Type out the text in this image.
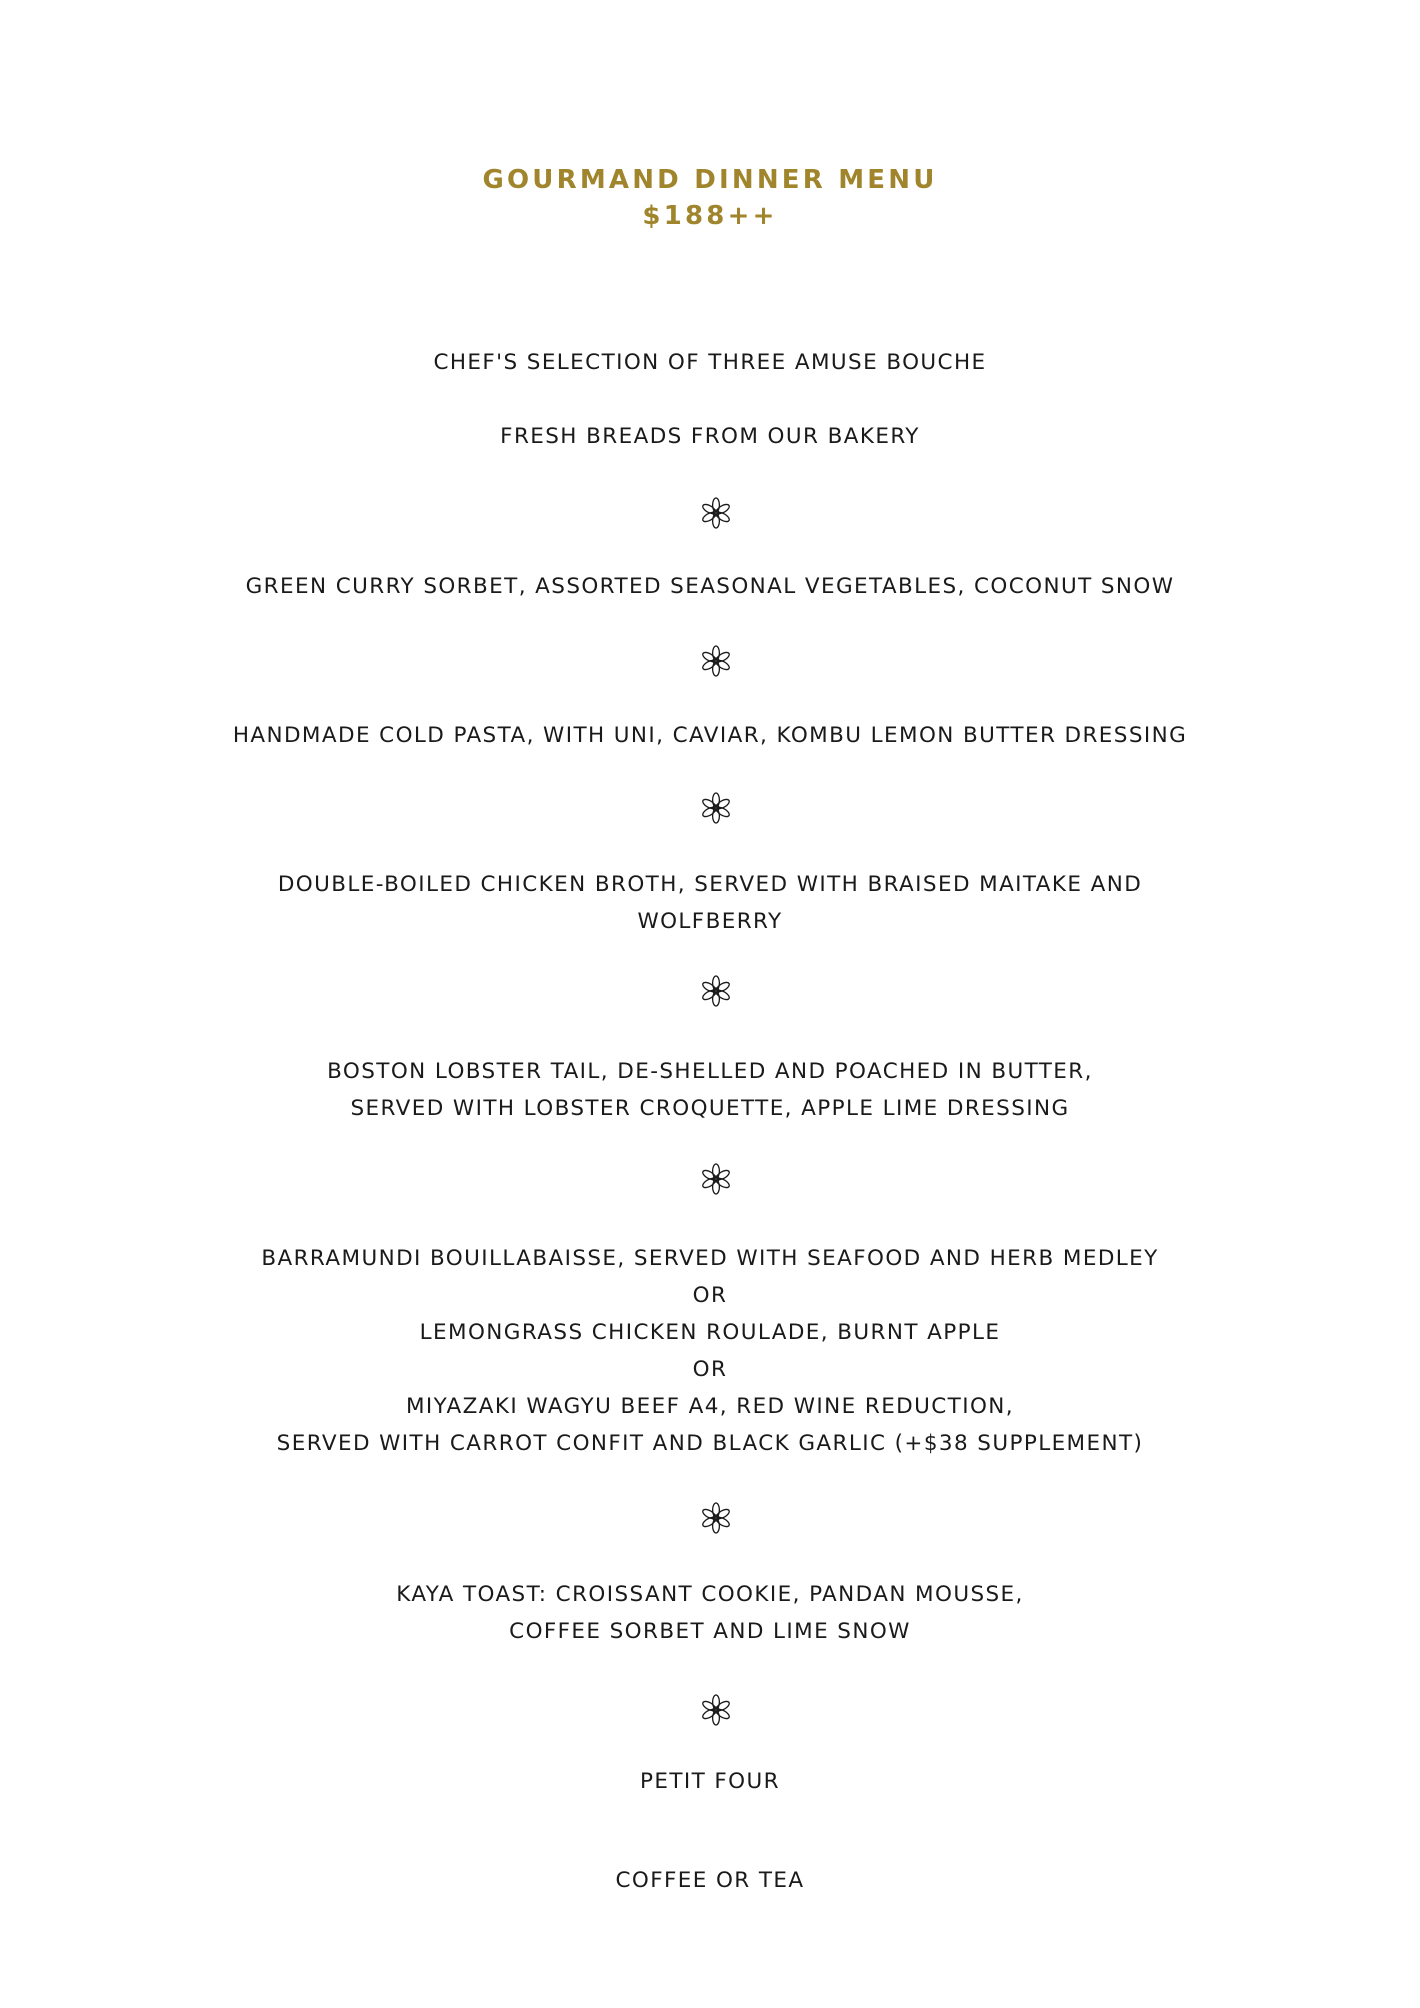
GOURMAND DINNER MENU
$188++

CHEF'S SELECTION OF THREE AMUSE BOUCHE

FRESH BREADS FROM OUR BAKERY

GREEN CURRY SORBET, ASSORTED SEASONAL VEGETABLES, COCONUT SNOW

HANDMADE COLD PASTA, WITH UNI, CAVIAR, KOMBU LEMON BUTTER DRESSING

DOUBLE-BOILED CHICKEN BROTH, SERVED WITH BRAISED MAITAKE AND

WOLFBERRY

BOSTON LOBSTER TAIL, DE-SHELLED AND POACHED IN BUTTER,

SERVED WITH LOBSTER CROQUETTE, APPLE LIME DRESSING

BARRAMUNDI BOUILLABAISSE, SERVED WITH SEAFOOD AND HERB MEDLEY

OR

LEMONGRASS CHICKEN ROULADE, BURNT APPLE

OR

MIYAZAKI WAGYU BEEF A4, RED WINE REDUCTION,

SERVED WITH CARROT CONFIT AND BLACK GARLIC (+$38 SUPPLEMENT)

KAYA TOAST: CROISSANT COOKIE, PANDAN MOUSSE,

COFFEE SORBET AND LIME SNOW

PETIT FOUR

COFFEE OR TEA
